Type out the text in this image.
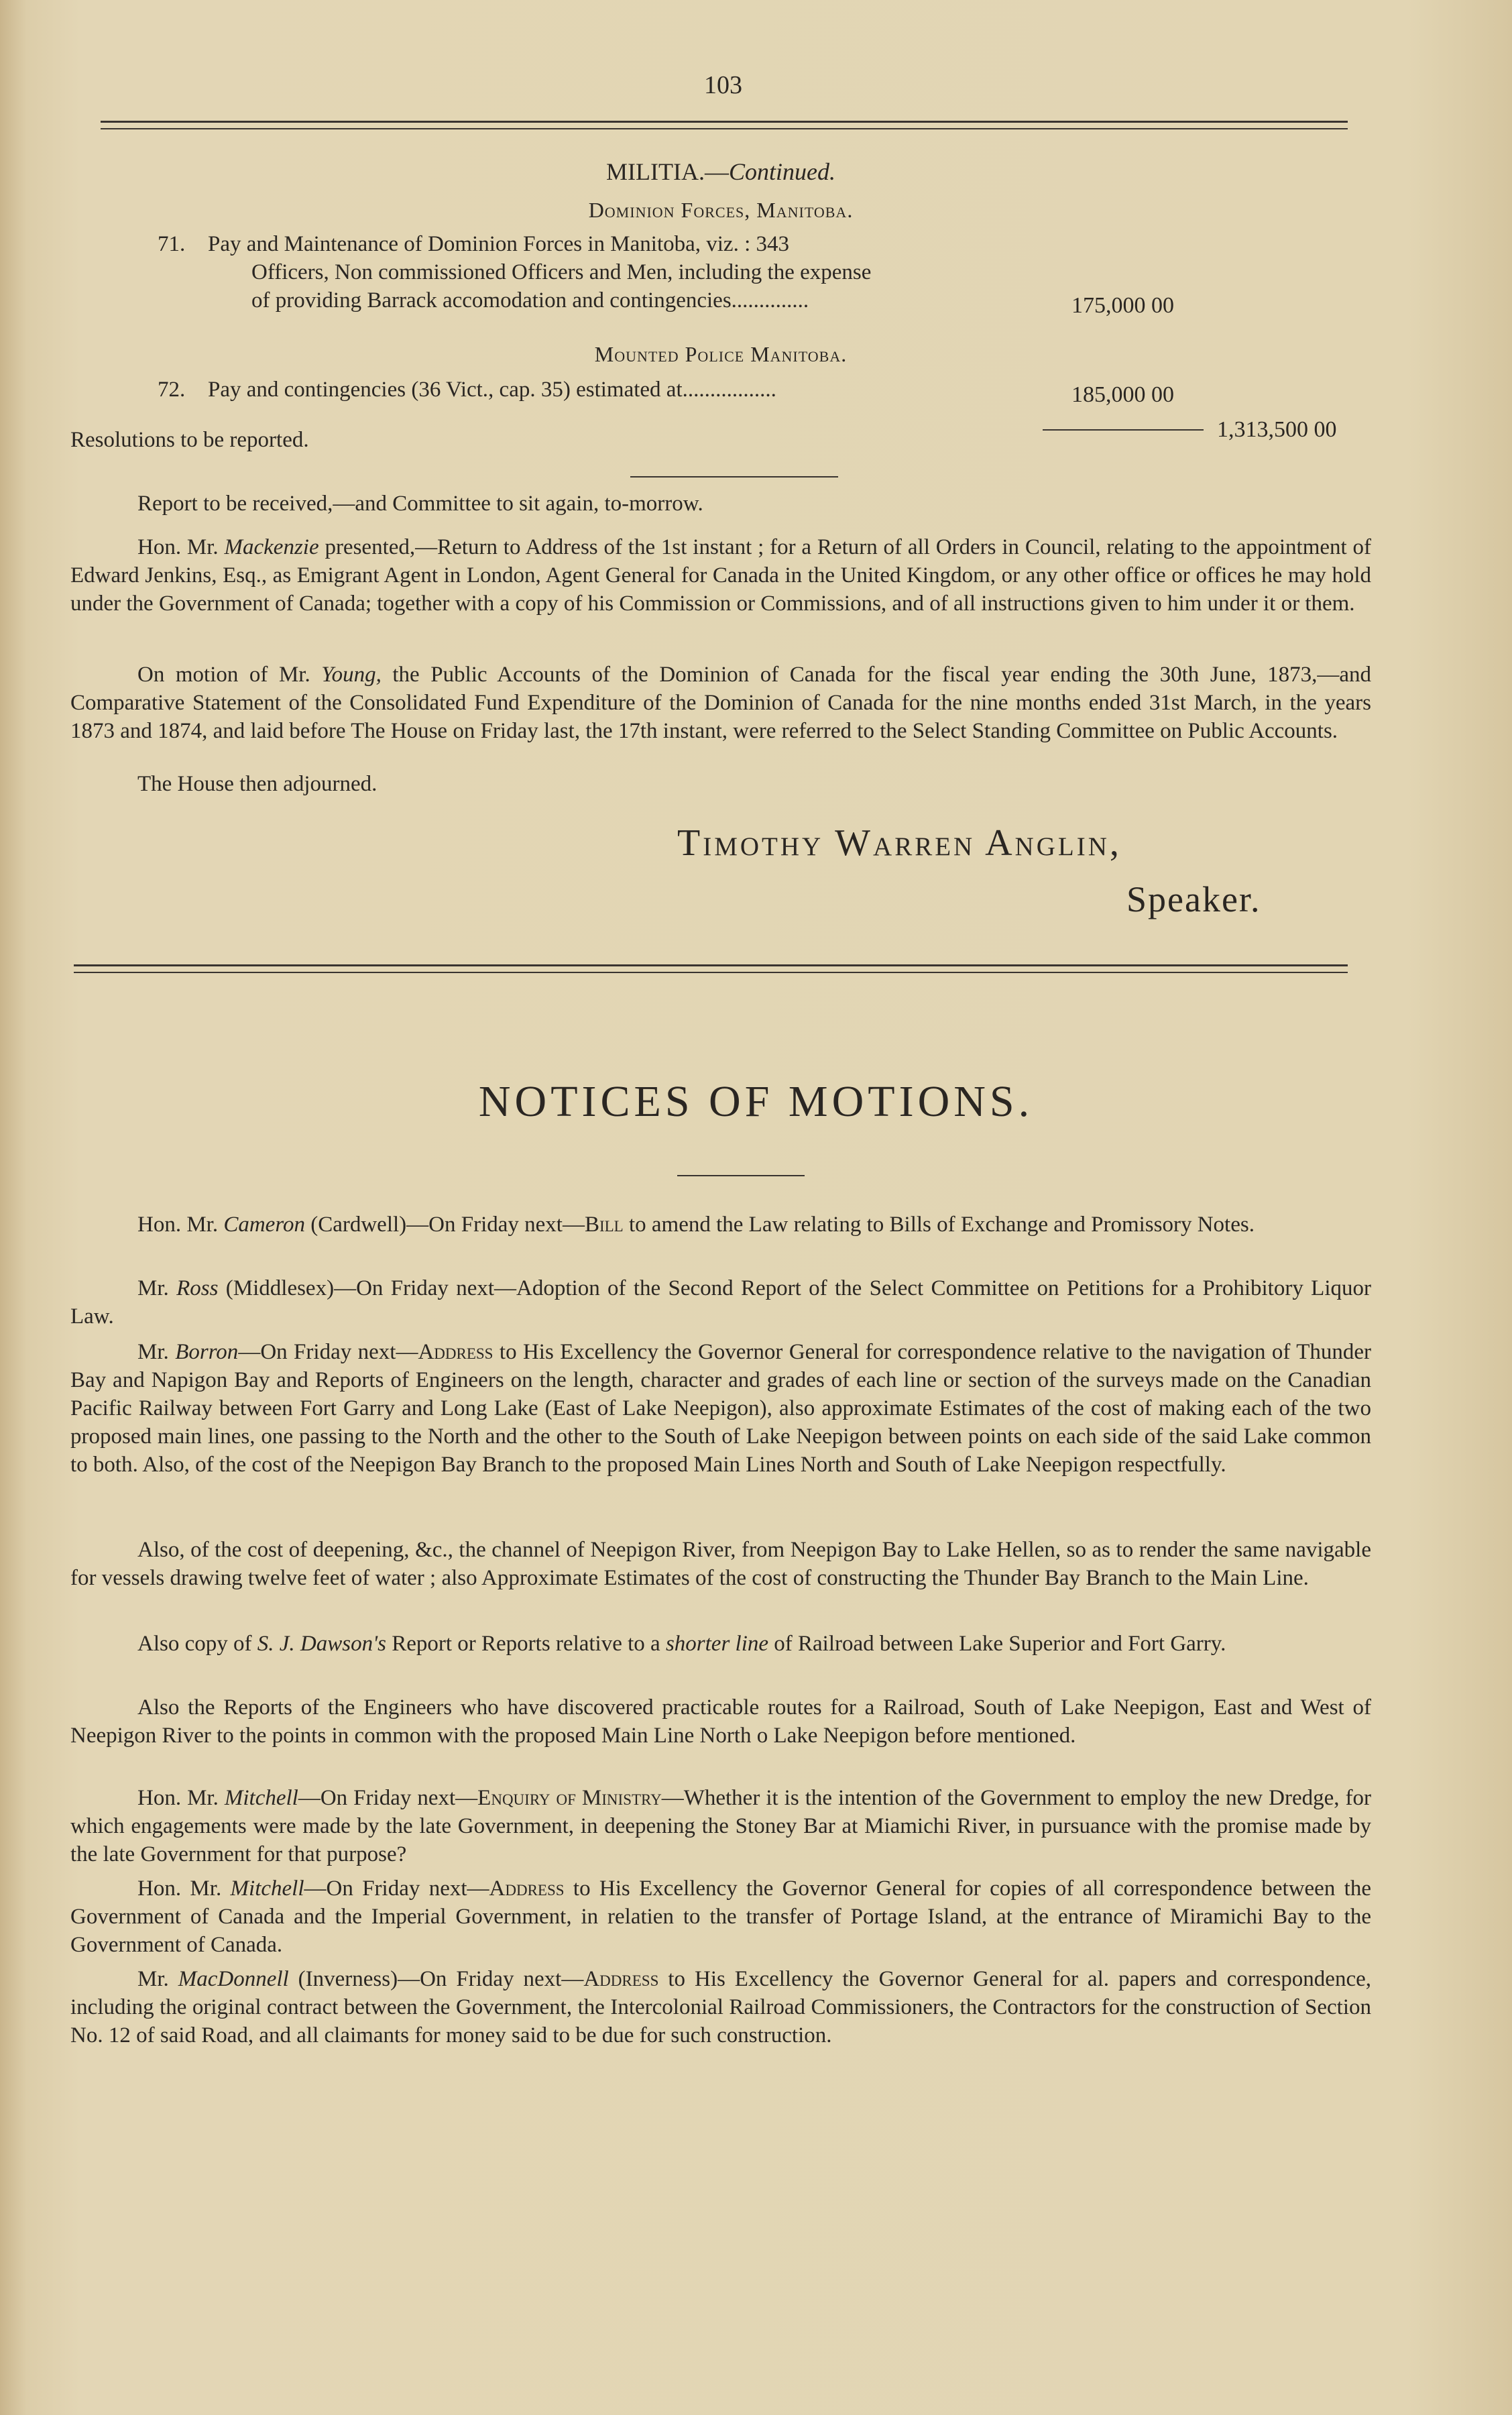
103
MILITIA.—Continued.
Dominion Forces, Manitoba.
71. Pay and Maintenance of Dominion Forces in Manitoba, viz. : 343
Officers, Non commissioned Officers and Men, including the expense
of providing Barrack accomodation and contingencies..............	175,000 00
Mounted Police Manitoba.
72. Pay and contingencies (36 Vict., cap. 35) estimated at.................	185,000 00
Resolutions to be reported.	1,313,500 00
Report to be received,—and Committee to sit again, to-morrow.
Hon. Mr. Mackenzie presented,—Return to Address of the 1st instant ; for a Return of all Orders in Council, relating to the appointment of Edward Jenkins, Esq., as Emigrant Agent in London, Agent General for Canada in the United Kingdom, or any other office or offices he may hold under the Government of Canada; together with a copy of his Commission or Commissions, and of all instructions given to him under it or them.
On motion of Mr. Young, the Public Accounts of the Dominion of Canada for the fiscal year ending the 30th June, 1873,—and Comparative Statement of the Consolidated Fund Expenditure of the Dominion of Canada for the nine months ended 31st March, in the years 1873 and 1874, and laid before The House on Friday last, the 17th instant, were referred to the Select Standing Committee on Public Accounts.
The House then adjourned.
Timothy Warren Anglin,
Speaker.
NOTICES OF MOTIONS.
Hon. Mr. Cameron (Cardwell)—On Friday next—Bill to amend the Law relating to Bills of Exchange and Promissory Notes.
Mr. Ross (Middlesex)—On Friday next—Adoption of the Second Report of the Select Committee on Petitions for a Prohibitory Liquor Law.
Mr. Borron—On Friday next—Address to His Excellency the Governor General for correspondence relative to the navigation of Thunder Bay and Napigon Bay and Reports of Engineers on the length, character and grades of each line or section of the surveys made on the Canadian Pacific Railway between Fort Garry and Long Lake (East of Lake Neepigon), also approximate Estimates of the cost of making each of the two proposed main lines, one passing to the North and the other to the South of Lake Neepigon between points on each side of the said Lake common to both. Also, of the cost of the Neepigon Bay Branch to the proposed Main Lines North and South of Lake Neepigon respectfully.
Also, of the cost of deepening, &c., the channel of Neepigon River, from Neepigon Bay to Lake Hellen, so as to render the same navigable for vessels drawing twelve feet of water ; also Approximate Estimates of the cost of constructing the Thunder Bay Branch to the Main Line.
Also copy of S. J. Dawson's Report or Reports relative to a shorter line of Railroad between Lake Superior and Fort Garry.
Also the Reports of the Engineers who have discovered practicable routes for a Railroad, South of Lake Neepigon, East and West of Neepigon River to the points in common with the proposed Main Line North o Lake Neepigon before mentioned.
Hon. Mr. Mitchell—On Friday next—Enquiry of Ministry—Whether it is the intention of the Government to employ the new Dredge, for which engagements were made by the late Government, in deepening the Stoney Bar at Miamichi River, in pursuance with the promise made by the late Government for that purpose?
Hon. Mr. Mitchell—On Friday next—Address to His Excellency the Governor General for copies of all correspondence between the Government of Canada and the Imperial Government, in relatien to the transfer of Portage Island, at the entrance of Miramichi Bay to the Government of Canada.
Mr. MacDonnell (Inverness)—On Friday next—Address to His Excellency the Governor General for al. papers and correspondence, including the original contract between the Government, the Intercolonial Railroad Commissioners, the Contractors for the construction of Section No. 12 of said Road, and all claimants for money said to be due for such construction.
